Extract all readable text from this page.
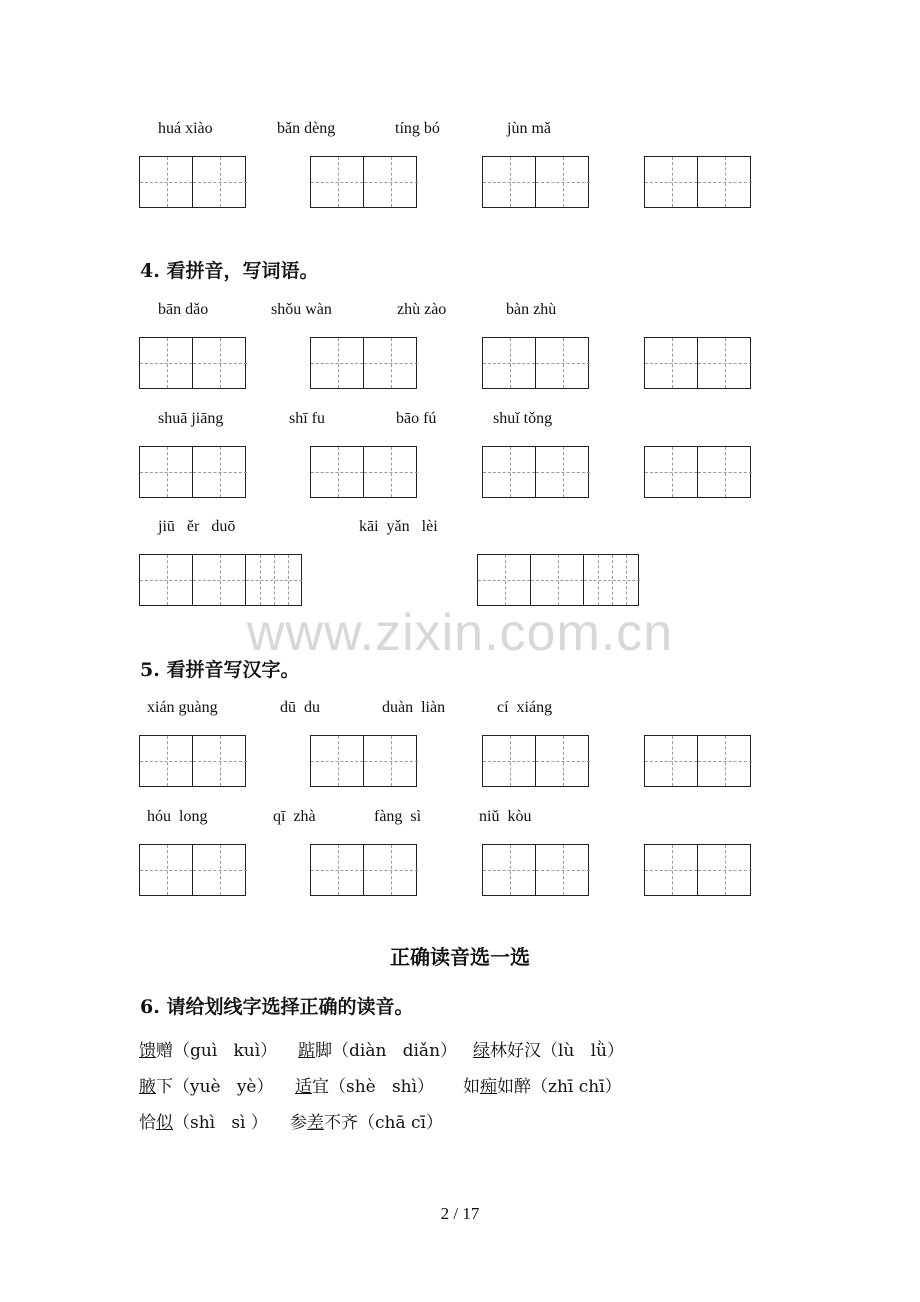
huá xiào	bǎn dèng	tíng bó	jùn mǎ
4. 看拼音，写词语。
bān dǎo	shǒu wàn	zhù zào	bàn zhù
shuā jiāng	shī fu	bāo fú	shuǐ tǒng
jiū   ěr   duō	kāi  yǎn   lèi
www.zixin.com.cn
5. 看拼音写汉字。
xián guàng	dū  du	duàn  liàn	cí  xiáng
hóu  long	qī  zhà	fàng  sì	niǔ  kòu
正确读音选一选
6. 请给划线字选择正确的读音。
馈赠（guì   kuì） 踮脚（diàn   diǎn） 绿林好汉（lù   lǜ）
腋下（yuè   yè） 适宜（shè   shì） 如痴如醉（zhī chī）
恰似（shì   sì ） 参差不齐（chā cī）
2 / 17
